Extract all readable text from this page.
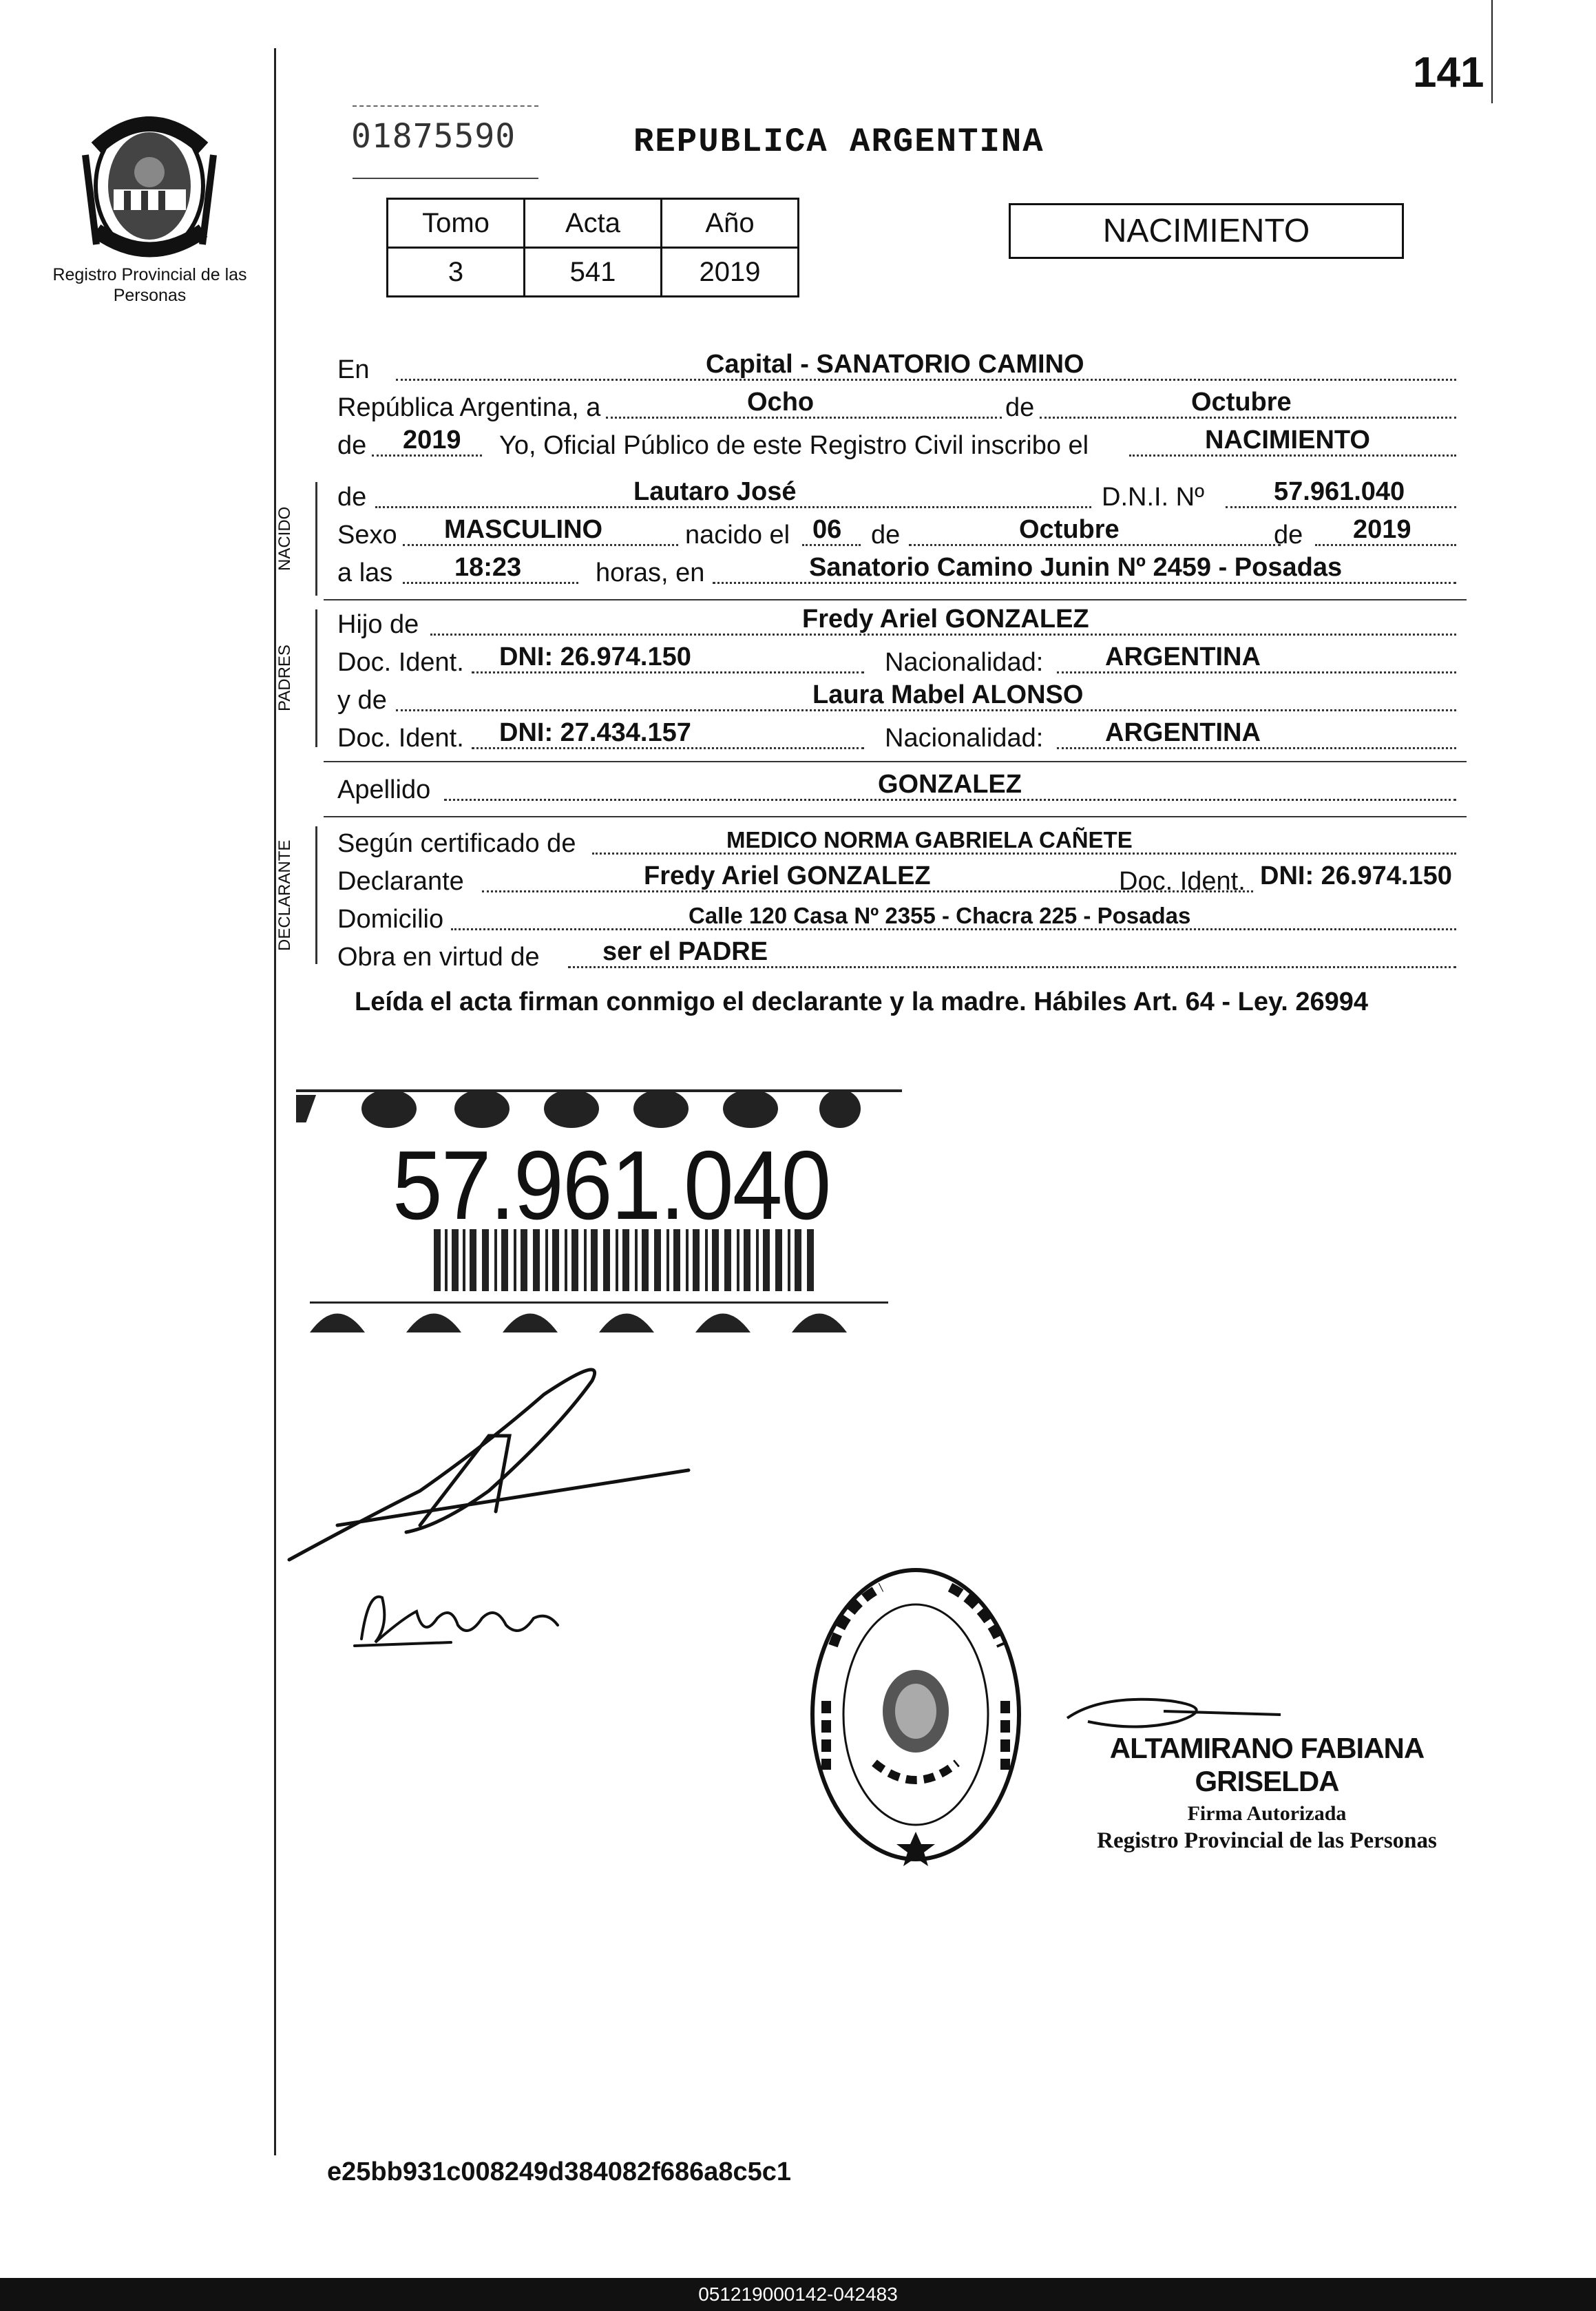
141
Registro Provincial de las Personas
01875590	REPUBLICA ARGENTINA
Tomo	Acta	Año
3	541	2019
NACIMIENTO
En	Capital - SANATORIO CAMINO
República Argentina, a	Ocho	de	Octubre
de 2019 Yo, Oficial Público de este Registro Civil inscribo el	NACIMIENTO
NACIDO
de	Lautaro José	D.N.I. Nº	57.961.040
Sexo MASCULINO	nacido el 06 de	Octubre	de 2019
a las 18:23	horas, en	Sanatorio Camino Junin Nº 2459 - Posadas
PADRES
Hijo de	Fredy Ariel GONZALEZ
Doc. Ident. DNI: 26.974.150	Nacionalidad: ARGENTINA
y de	Laura Mabel ALONSO
Doc. Ident. DNI: 27.434.157	Nacionalidad: ARGENTINA
Apellido	GONZALEZ
DECLARANTE	Según certificado de	MEDICO NORMA GABRIELA CAÑETE
Declarante	Fredy Ariel GONZALEZ	Doc. Ident. DNI: 26.974.150
Domicilio	Calle 120 Casa Nº 2355 - Chacra 225 - Posadas
Obra en virtud de ser el PADRE
Leída el acta firman conmigo el declarante y la madre. Hábiles Art. 64 - Ley. 26994
57.961.040
ALTAMIRANO FABIANA GRISELDA
Firma Autorizada
Registro Provincial de las Personas
e25bb931c008249d384082f686a8c5c1
051219000142-042483
